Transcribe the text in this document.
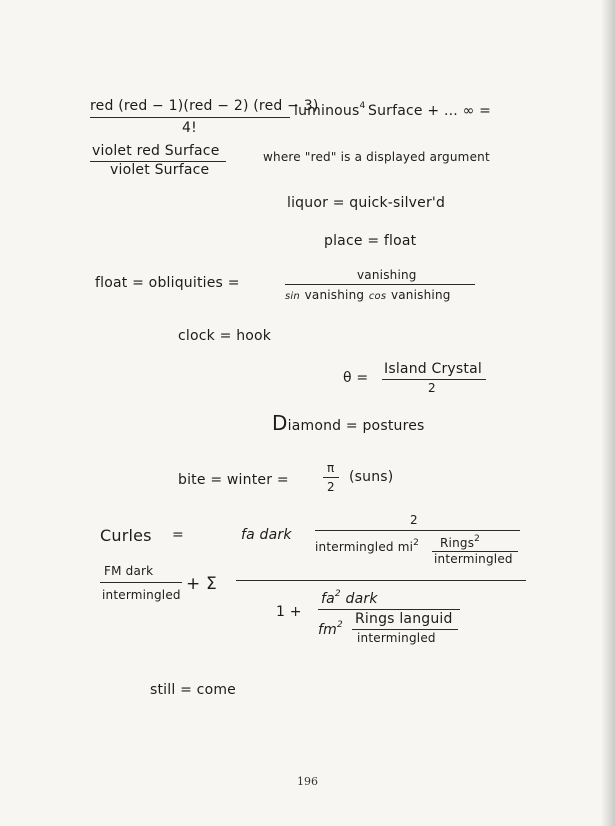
red (red − 1)(red − 2) (red − 3)
4!
luminous$^4$ Surface + ... ∞ =
violet red Surface
violet Surface
where "red" is a displayed argument
liquor = quick-silver'd
place = float
float = obliquities =	vanishing
sin vanishing cos vanishing
clock = hook
θ =
Island Crystal
2
Diamond = postures
bite = winter =
π
2
(suns)
Curles =	fa dark
2
intermingled $mi^2$ Rings$^2$
intermingled
FM dark
intermingled
+ Σ
1 +
$fa^2$ dark
$fm^2$ Rings languid
intermingled
still = come
196
